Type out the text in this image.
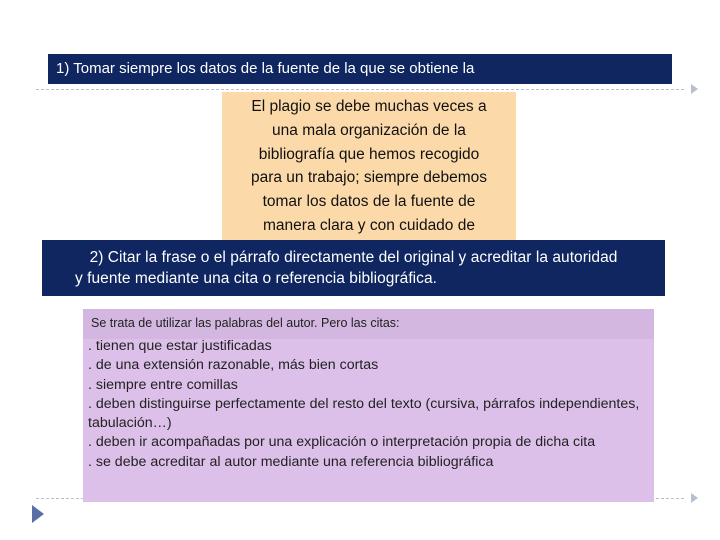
1) Tomar siempre los datos de la fuente de la que se obtiene la
El plagio se debe muchas veces a
una mala organización de la
bibliografía que hemos recogido
para un trabajo; siempre debemos
tomar los datos de la fuente de
manera clara y con cuidado de
2) Citar la frase o el párrafo directamente del original y acreditar la autoridad
y fuente mediante una cita o referencia bibliográfica.
Se trata de utilizar las palabras del autor. Pero las citas:
. tienen que estar justificadas
. de una extensión razonable, más bien cortas
. siempre entre comillas
. deben distinguirse perfectamente del resto del texto (cursiva, párrafos independientes, tabulación…)
. deben ir acompañadas por una explicación o interpretación propia de dicha cita
. se debe acreditar al autor mediante una referencia bibliográfica
